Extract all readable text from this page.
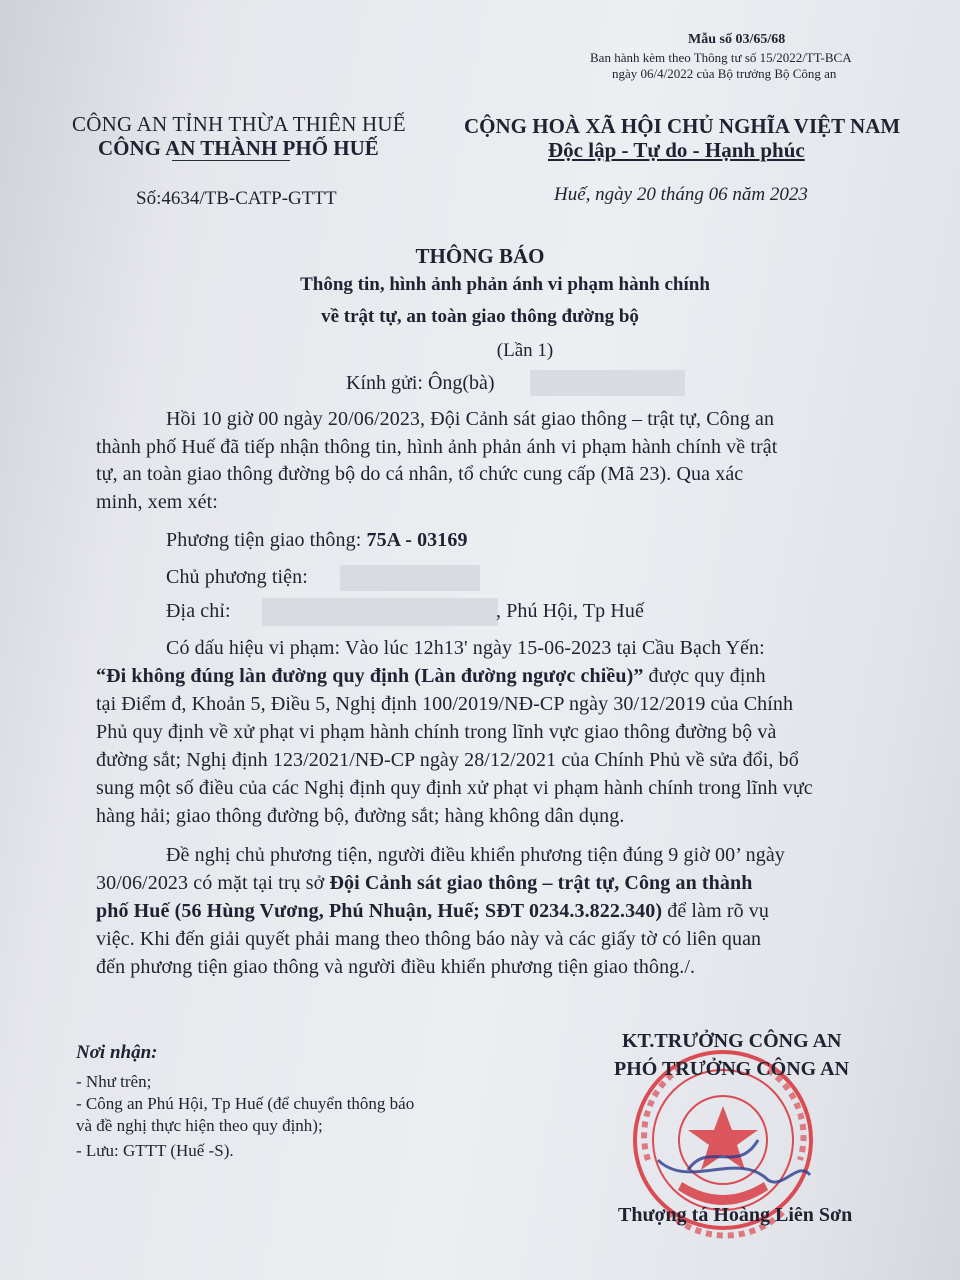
Mẫu số 03/65/68
Ban hành kèm theo Thông tư số 15/2022/TT-BCA
ngày 06/4/2022 của Bộ trưởng Bộ Công an
CÔNG AN TỈNH THỪA THIÊN HUẾ
CÔNG AN THÀNH PHỐ HUẾ
CỘNG HOÀ XÃ HỘI CHỦ NGHĨA VIỆT NAM
Độc lập - Tự do - Hạnh phúc
Số:4634/TB-CATP-GTTT	Huế, ngày 20 tháng 06 năm 2023
THÔNG BÁO
Thông tin, hình ảnh phản ánh vi phạm hành chính
về trật tự, an toàn giao thông đường bộ
(Lần 1)
Kính gửi: Ông(bà)
Hồi 10 giờ 00 ngày 20/06/2023, Đội Cảnh sát giao thông – trật tự, Công an
thành phố Huế đã tiếp nhận thông tin, hình ảnh phản ánh vi phạm hành chính về trật
tự, an toàn giao thông đường bộ do cá nhân, tổ chức cung cấp (Mã 23). Qua xác
minh, xem xét:
Phương tiện giao thông: 75A - 03169
Chủ phương tiện:
Địa chỉ:	, Phú Hội, Tp Huế
Có dấu hiệu vi phạm: Vào lúc 12h13' ngày 15-06-2023 tại Cầu Bạch Yến:
“Đi không đúng làn đường quy định (Làn đường ngược chiều)” được quy định
tại Điểm đ, Khoản 5, Điều 5, Nghị định 100/2019/NĐ-CP ngày 30/12/2019 của Chính
Phủ quy định về xử phạt vi phạm hành chính trong lĩnh vực giao thông đường bộ và
đường sắt; Nghị định 123/2021/NĐ-CP ngày 28/12/2021 của Chính Phủ về sửa đổi, bổ
sung một số điều của các Nghị định quy định xử phạt vi phạm hành chính trong lĩnh vực
hàng hải; giao thông đường bộ, đường sắt; hàng không dân dụng.
Đề nghị chủ phương tiện, người điều khiển phương tiện đúng 9 giờ 00’ ngày
30/06/2023 có mặt tại trụ sở Đội Cảnh sát giao thông – trật tự, Công an thành
phố Huế (56 Hùng Vương, Phú Nhuận, Huế; SĐT 0234.3.822.340) để làm rõ vụ
việc. Khi đến giải quyết phải mang theo thông báo này và các giấy tờ có liên quan
đến phương tiện giao thông và người điều khiển phương tiện giao thông./.
Nơi nhận:
- Như trên;
- Công an Phú Hội, Tp Huế (để chuyển thông báo
và đề nghị thực hiện theo quy định);
- Lưu: GTTT (Huế -S).
KT.TRƯỞNG CÔNG AN
PHÓ TRƯỞNG CÔNG AN
Thượng tá Hoàng Liên Sơn
